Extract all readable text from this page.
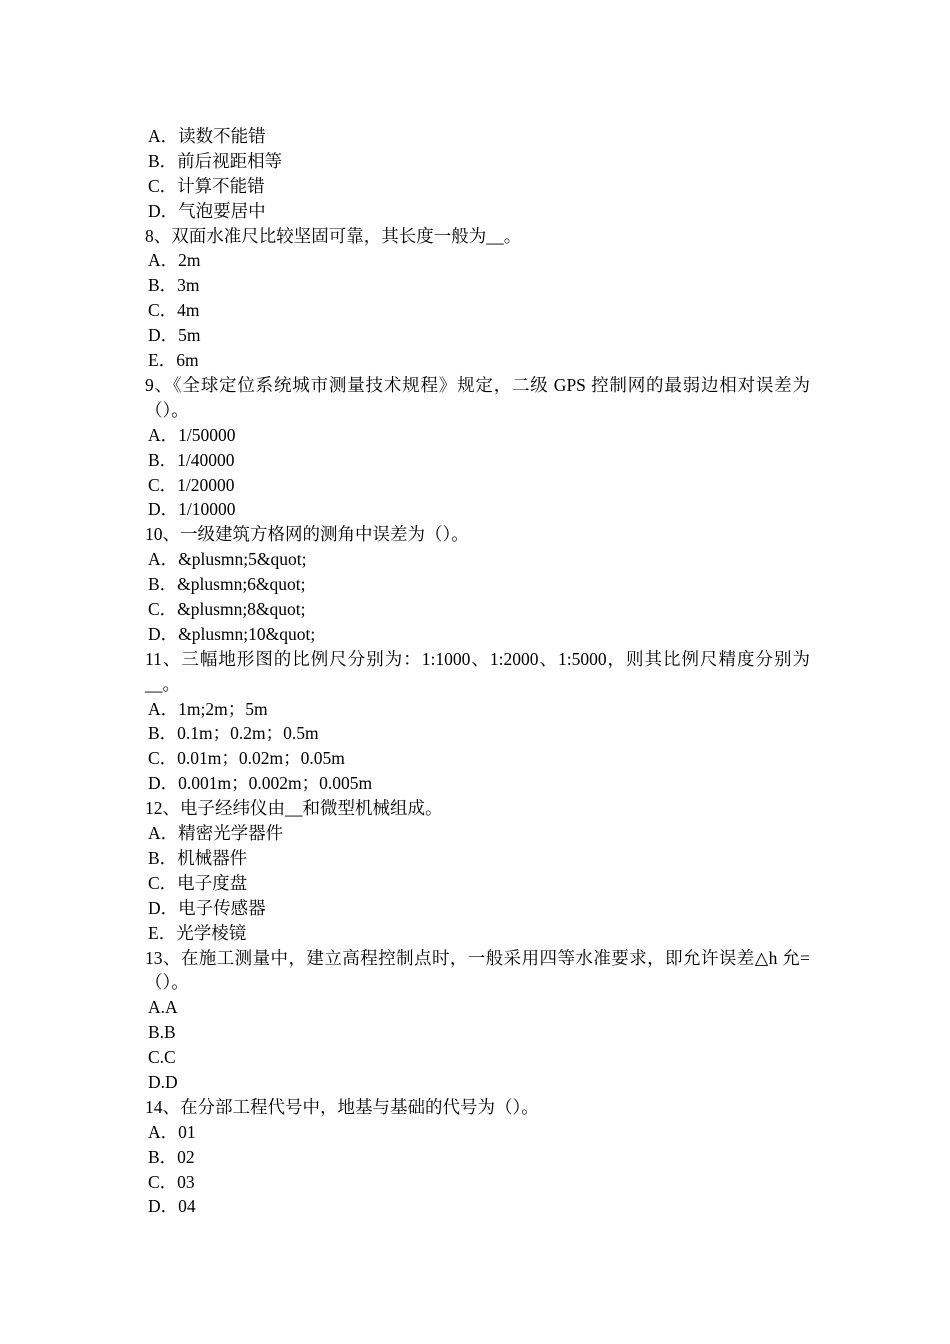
A．读数不能错
B．前后视距相等
C．计算不能错
D．气泡要居中
8、双面水准尺比较坚固可靠，其长度一般为__。
A．2m
B．3m
C．4m
D．5m
E．6m
9、《全球定位系统城市测量技术规程》规定，二级 GPS 控制网的最弱边相对误差为（）。
A．1/50000
B．1/40000
C．1/20000
D．1/10000
10、一级建筑方格网的测角中误差为（）。
A．&plusmn;5&quot;
B．&plusmn;6&quot;
C．&plusmn;8&quot;
D．&plusmn;10&quot;
11、三幅地形图的比例尺分别为：1:1000、1:2000、1:5000，则其比例尺精度分别为__。
A．1m;2m；5m
B．0.1m；0.2m；0.5m
C．0.01m；0.02m；0.05m
D．0.001m；0.002m；0.005m
12、电子经纬仪由__和微型机械组成。
A．精密光学器件
B．机械器件
C．电子度盘
D．电子传感器
E．光学棱镜
13、在施工测量中，建立高程控制点时，一般采用四等水准要求，即允许误差△h 允=（）。
A.A
B.B
C.C
D.D
14、在分部工程代号中，地基与基础的代号为（）。
A．01
B．02
C．03
D．04
